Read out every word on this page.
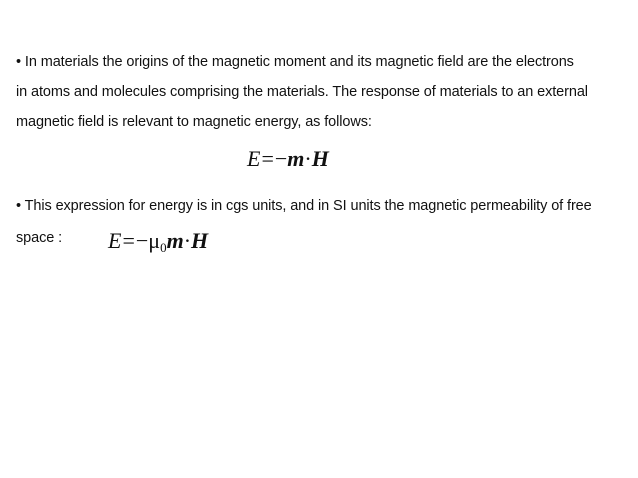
• In materials the origins of the magnetic moment and its magnetic field are the electrons
in atoms and molecules comprising the materials. The response of materials to an external
magnetic field is relevant to magnetic energy, as follows:
E=−m·H
• This expression for energy is in cgs units, and in SI units the magnetic permeability of free
space : $E=-\mu_0m\cdot H$
